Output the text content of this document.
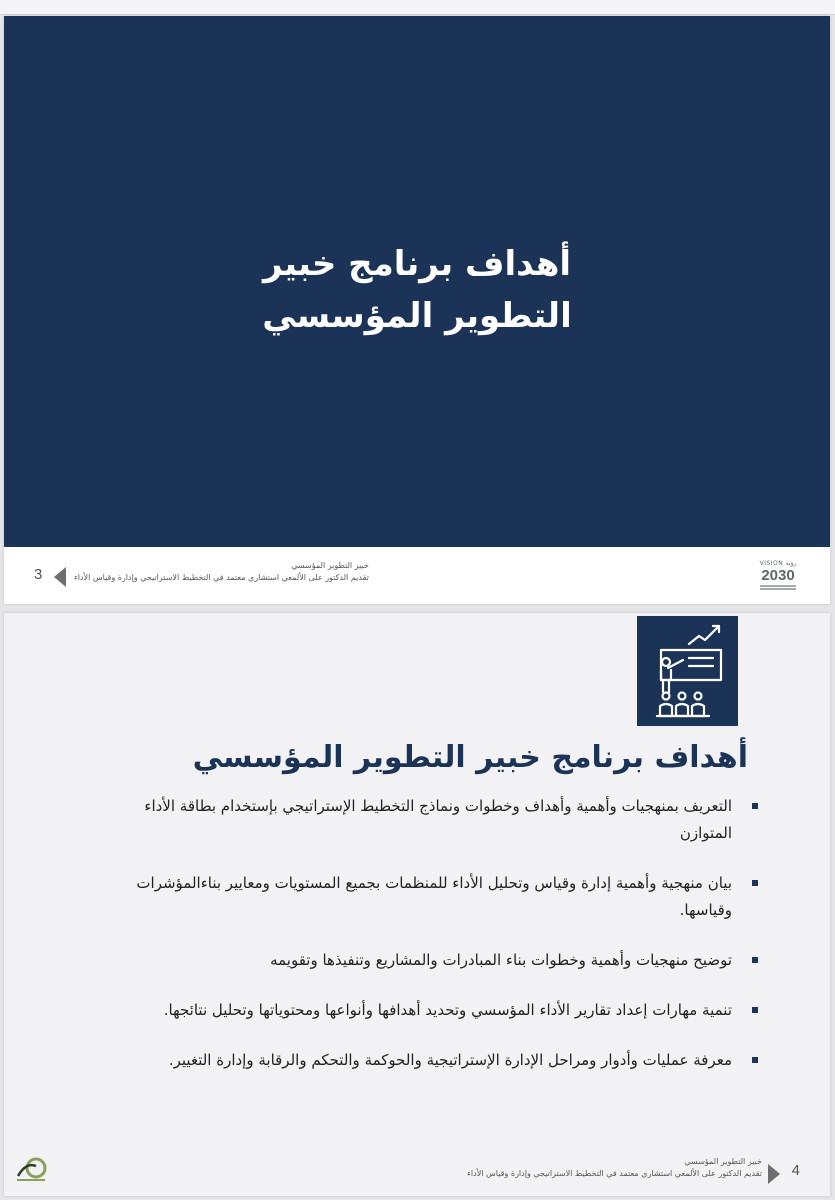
أهداف برنامج خبير
التطوير المؤسسي
3
خبير التطوير المؤسسي
تقديم الدكتور على الألمعي استشاري معتمد في التخطيط الاستراتيجي وإدارة وقياس الأداء
VISION رؤية
2030
أهداف برنامج خبير التطوير المؤسسي
التعريف بمنهجيات وأهمية وأهداف وخطوات ونماذج التخطيط الإستراتيجي بإستخدام بطاقة الأداء المتوازن
بيان منهجية وأهمية إدارة وقياس وتحليل الأداء للمنظمات بجميع المستويات ومعايير بناءالمؤشرات وقياسها.
توضيح منهجيات وأهمية وخطوات بناء المبادرات والمشاريع وتنفيذها وتقويمه
تنمية مهارات إعداد تقارير الأداء المؤسسي وتحديد أهدافها وأنواعها ومحتوياتها وتحليل نتائجها.
معرفة عمليات وأدوار ومراحل الإدارة الإستراتيجية والحوكمة والتحكم والرقابة وإدارة التغيير.
4
خبير التطوير المؤسسي
تقديم الدكتور على الألمعي استشاري معتمد في التخطيط الاستراتيجي وإدارة وقياس الأداء
